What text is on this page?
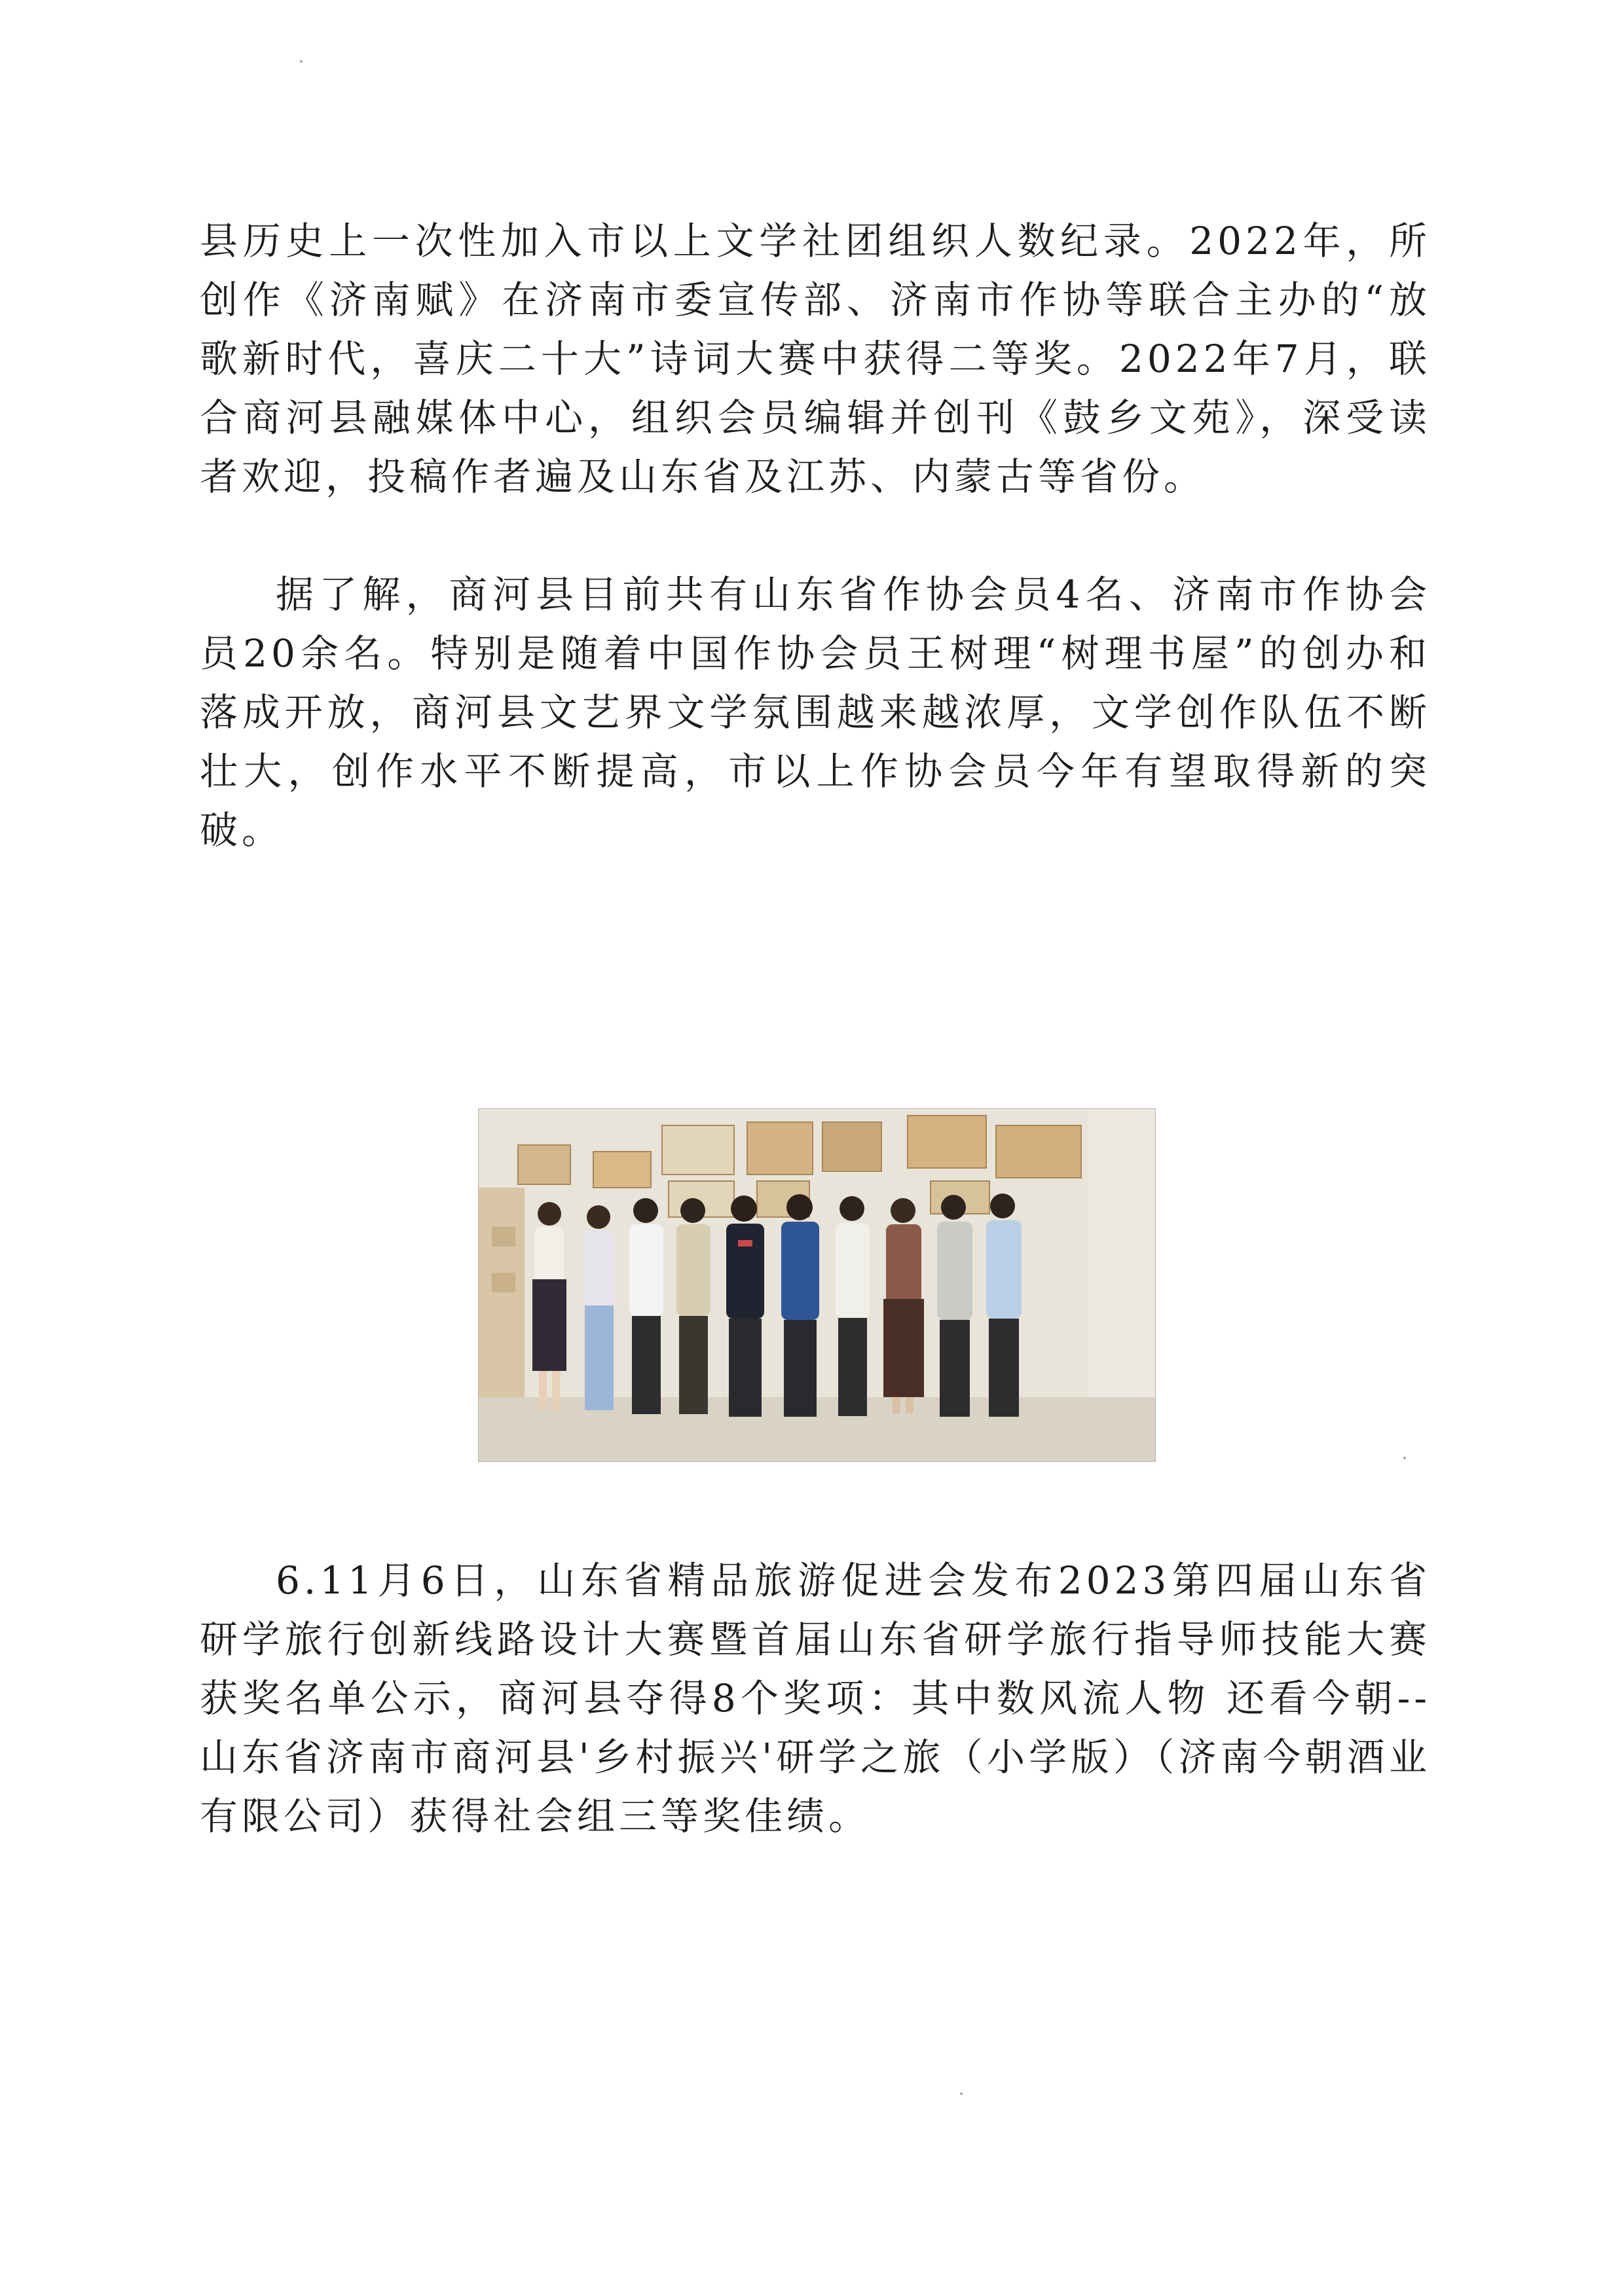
县历史上一次性加入市以上文学社团组织人数纪录。2022年，所创作《济南赋》在济南市委宣传部、济南市作协等联合主办的“放歌新时代，喜庆二十大”诗词大赛中获得二等奖。2022年7月，联合商河县融媒体中心，组织会员编辑并创刊《鼓乡文苑》，深受读者欢迎，投稿作者遍及山东省及江苏、内蒙古等省份。

据了解，商河县目前共有山东省作协会员4名、济南市作协会员20余名。特别是随着中国作协会员王树理“树理书屋”的创办和落成开放，商河县文艺界文学氛围越来越浓厚，文学创作队伍不断壮大，创作水平不断提高，市以上作协会员今年有望取得新的突破。

6.11月6日，山东省精品旅游促进会发布2023第四届山东省研学旅行创新线路设计大赛暨首届山东省研学旅行指导师技能大赛获奖名单公示，商河县夺得8个奖项：其中数风流人物 还看今朝--山东省济南市商河县'乡村振兴'研学之旅（小学版）（济南今朝酒业有限公司）获得社会组三等奖佳绩。
